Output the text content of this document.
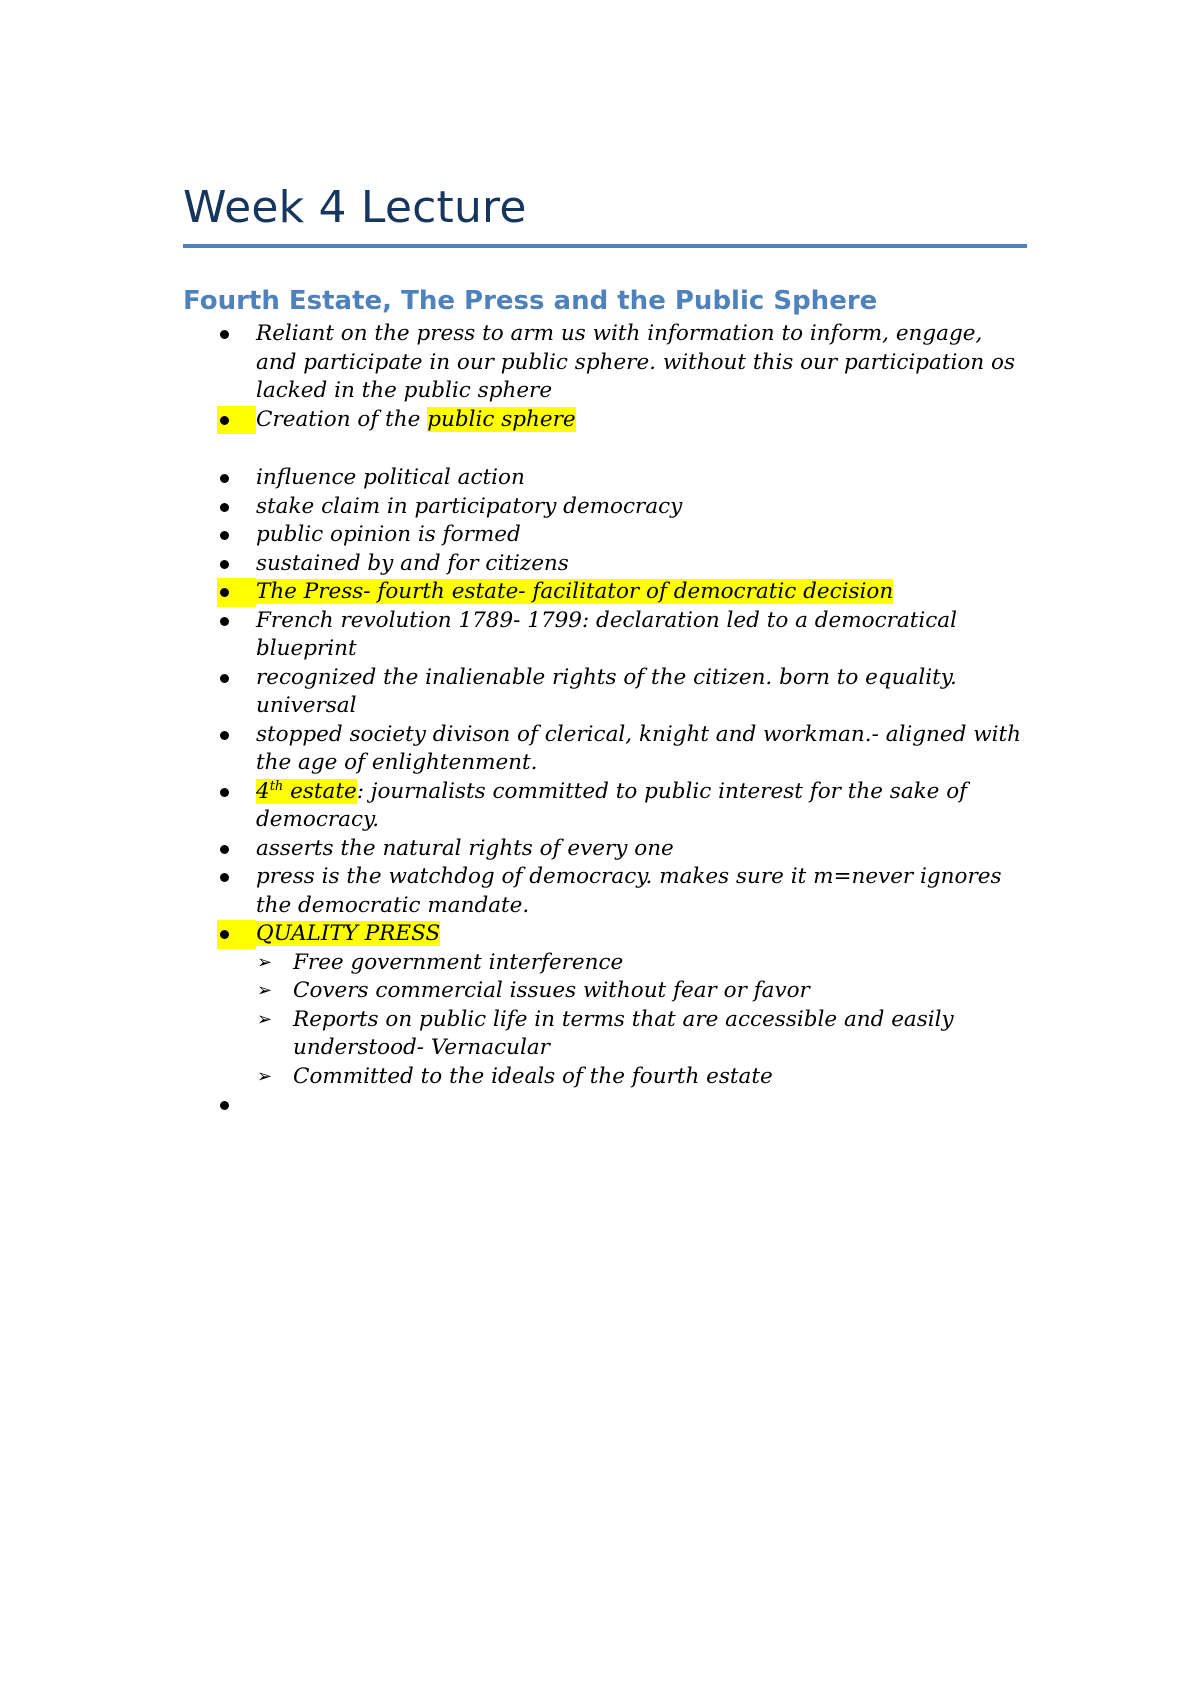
Week 4 Lecture
Fourth Estate, The Press and the Public Sphere
Reliant on the press to arm us with information to inform, engage, and participate in our public sphere. without this our participation os lacked in the public sphere
Creation of the public sphere
influence political action
stake claim in participatory democracy
public opinion is formed
sustained by and for citizens
The Press- fourth estate- facilitator of democratic decision
French revolution 1789- 1799: declaration led to a democratical blueprint
recognized the inalienable rights of the citizen. born to equality. universal
stopped society divison of clerical, knight and workman.- aligned with the age of enlightenment.
4th estate: journalists committed to public interest for the sake of democracy.
asserts the natural rights of every one
press is the watchdog of democracy. makes sure it m=never ignores the democratic mandate.
QUALITY PRESS
➢ Free government interference
➢ Covers commercial issues without fear or favor
➢ Reports on public life in terms that are accessible and easily understood- Vernacular
➢ Committed to the ideals of the fourth estate
